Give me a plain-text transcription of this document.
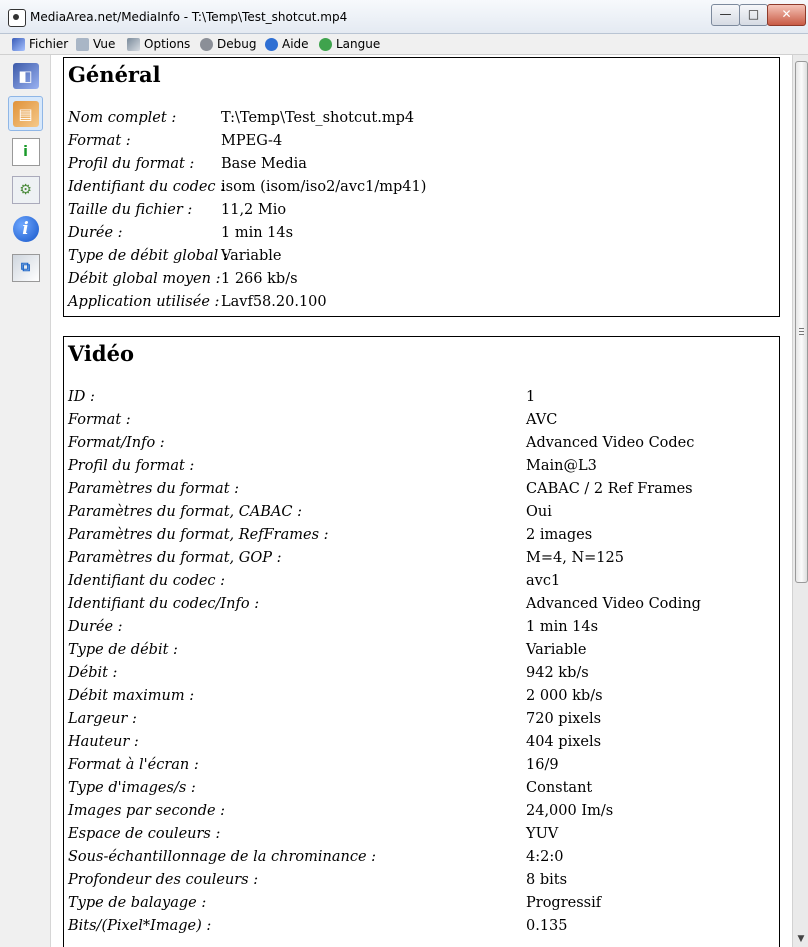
MediaArea.net/MediaInfo - T:\Temp\Test_shotcut.mp4	—	□	✕
Fichier Vue Options Debug Aide Langue
◧
▤
i
⚙
i
⧉
Général
Nom complet :	T:\Temp\Test_shotcut.mp4
Format :	MPEG-4
Profil du format : Base Media
Identifiant du codec :
isom (isom/iso2/avc1/mp41)
Taille du fichier : 11,2 Mio
Durée :	1 min 14s
Type de débit global :
Variable
Débit global moyen : 1 266 kb/s
Application utilisée : Lavf58.20.100
Vidéo
ID :	1
Format :	AVC
Format/Info :	Advanced Video Codec
Profil du format :	Main@L3
Paramètres du format :	CABAC / 2 Ref Frames
Paramètres du format, CABAC :	Oui
Paramètres du format, RefFrames :	2 images
Paramètres du format, GOP :	M=4, N=125
Identifiant du codec :	avc1
Identifiant du codec/Info :	Advanced Video Coding
Durée :	1 min 14s
Type de débit :	Variable
Débit :	942 kb/s
Débit maximum :	2 000 kb/s
Largeur :	720 pixels
Hauteur :	404 pixels
Format à l'écran :	16/9
Type d'images/s :	Constant
Images par seconde :	24,000 Im/s
Espace de couleurs :	YUV
Sous-échantillonnage de la chrominance :	4:2:0
Profondeur des couleurs :	8 bits
Type de balayage :	Progressif
Bits/(Pixel*Image) :	0.135
▼
